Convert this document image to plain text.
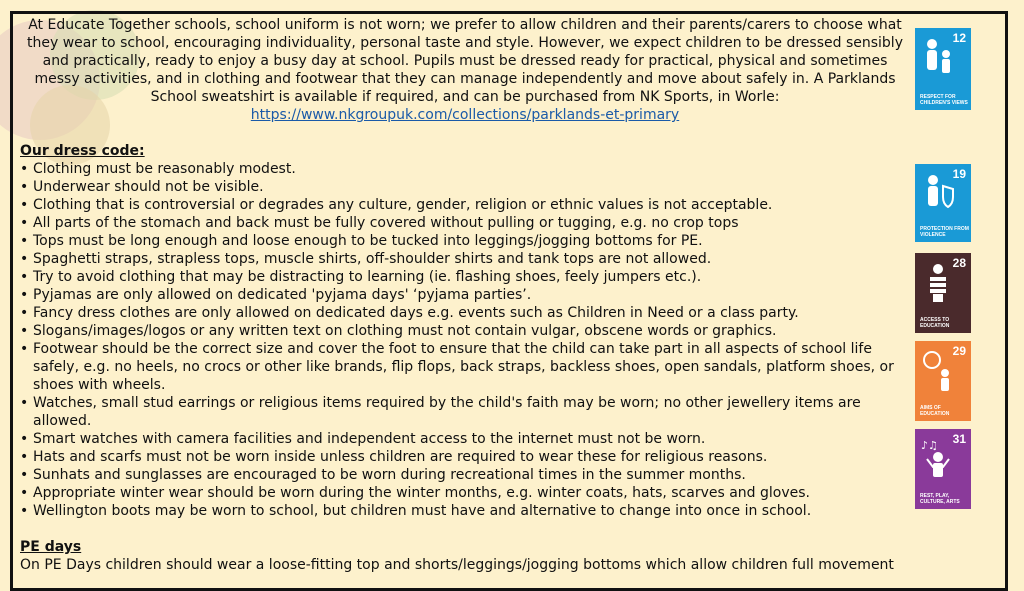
At Educate Together schools, school uniform is not worn; we prefer to allow children and their parents/carers to choose what they wear to school, encouraging individuality, personal taste and style. However, we expect children to be dressed sensibly and practically, ready to enjoy a busy day at school. Pupils must be dressed ready for practical, physical and sometimes messy activities, and in clothing and footwear that they can manage independently and move about safely in. A Parklands School sweatshirt is available if required, and can be purchased from NK Sports, in Worle:

https://www.nkgroupuk.com/collections/parklands-et-primary

Our dress code:
• Clothing must be reasonably modest.
• Underwear should not be visible.
• Clothing that is controversial or degrades any culture, gender, religion or ethnic values is not acceptable.
• All parts of the stomach and back must be fully covered without pulling or tugging, e.g. no crop tops
• Tops must be long enough and loose enough to be tucked into leggings/jogging bottoms for PE.
• Spaghetti straps, strapless tops, muscle shirts, off-shoulder shirts and tank tops are not allowed.
• Try to avoid clothing that may be distracting to learning (ie. flashing shoes, feely jumpers etc.).
• Pyjamas are only allowed on dedicated 'pyjama days' ‘pyjama parties’.
• Fancy dress clothes are only allowed on dedicated days e.g. events such as Children in Need or a class party.
• Slogans/images/logos or any written text on clothing must not contain vulgar, obscene words or graphics.
• Footwear should be the correct size and cover the foot to ensure that the child can take part in all aspects of school life safely, e.g. no heels, no crocs or other like brands, flip flops, back straps, backless shoes, open sandals, platform shoes, or shoes with wheels.
• Watches, small stud earrings or religious items required by the child's faith may be worn; no other jewellery items are allowed.
• Smart watches with camera facilities and independent access to the internet must not be worn.
• Hats and scarfs must not be worn inside unless children are required to wear these for religious reasons.
• Sunhats and sunglasses are encouraged to be worn during recreational times in the summer months.
• Appropriate winter wear should be worn during the winter months, e.g. winter coats, hats, scarves and gloves.
• Wellington boots may be worn to school, but children must have and alternative to change into once in school.
PE days
On PE Days children should wear a loose-fitting top and shorts/leggings/jogging bottoms which allow children full movement
12
RESPECT FOR CHILDREN'S VIEWS
19
PROTECTION FROM VIOLENCE
28
ACCESS TO EDUCATION
29
AIMS OF EDUCATION
♪♫ 31
REST, PLAY, CULTURE, ARTS
